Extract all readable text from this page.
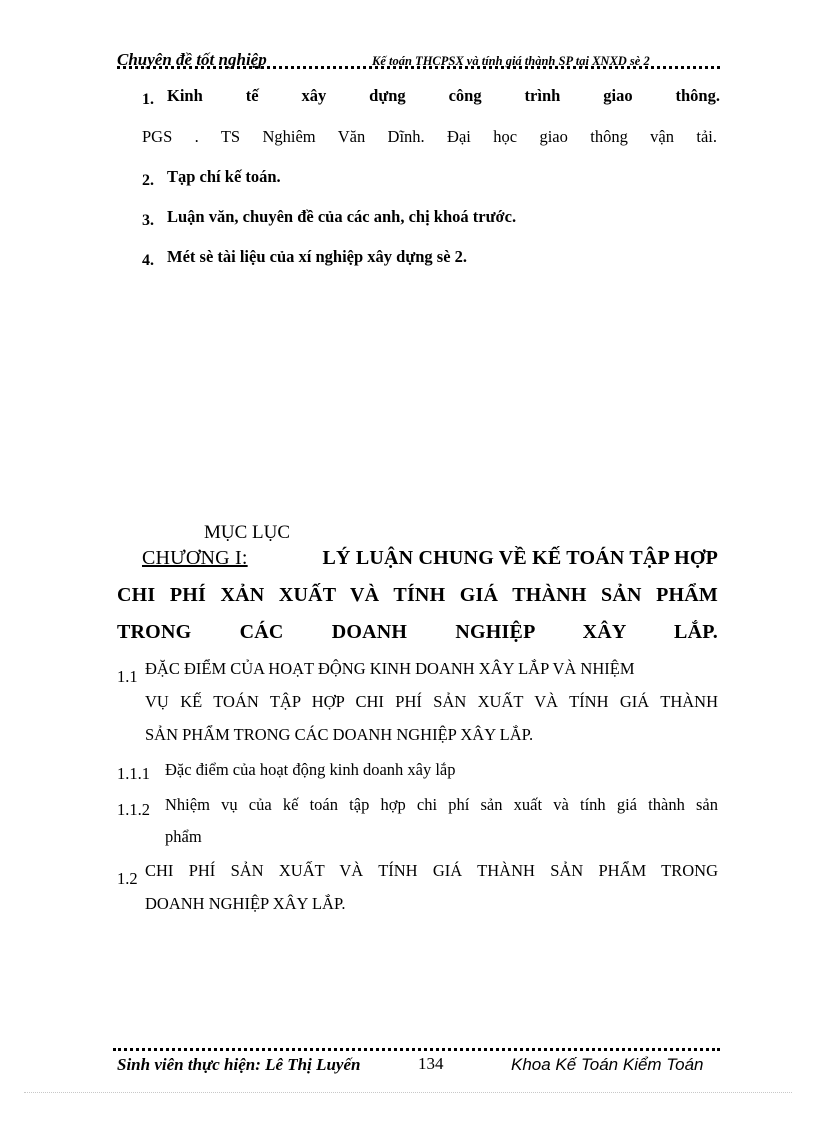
Chuyên đề tốt nghiệp	Kế toán THCPSX và tính giá thành SP tại XNXD sè 2
1. Kinh tế xây dựng công trình giao thông.
PGS . TS Nghiêm Văn Dĩnh. Đại học giao thông vận tải.
2. Tạp chí kế toán.
3. Luận văn, chuyên đề của các anh, chị khoá trước.
4. Mét sè tài liệu của xí nghiệp xây dựng sè 2.
MỤC LỤC
CHƯƠNG I:	LÝ LUẬN CHUNG VỀ KẾ TOÁN TẬP HỢP
CHI PHÍ XẢN XUẤT VÀ TÍNH GIÁ THÀNH SẢN PHẨM
TRONG CÁC DOANH NGHIỆP XÂY LẮP.
1.1 ĐẶC ĐIỂM CỦA HOẠT ĐỘNG KINH DOANH XÂY LẮP VÀ NHIỆM
VỤ KẾ TOÁN TẬP HỢP CHI PHÍ SẢN XUẤT VÀ TÍNH GIÁ THÀNH
SẢN PHẨM TRONG CÁC DOANH NGHIỆP XÂY LẮP.
1.1.1 Đặc điểm của hoạt động kinh doanh xây lắp
1.1.2 Nhiệm vụ của kế toán tập hợp chi phí sản xuất và tính giá thành sản
phẩm
1.2 CHI PHÍ SẢN XUẤT VÀ TÍNH GIÁ THÀNH SẢN PHẨM TRONG
DOANH NGHIỆP XÂY LẮP.
Sinh viên thực hiện: Lê Thị Luyến	134	Khoa Kế Toán Kiểm Toán
